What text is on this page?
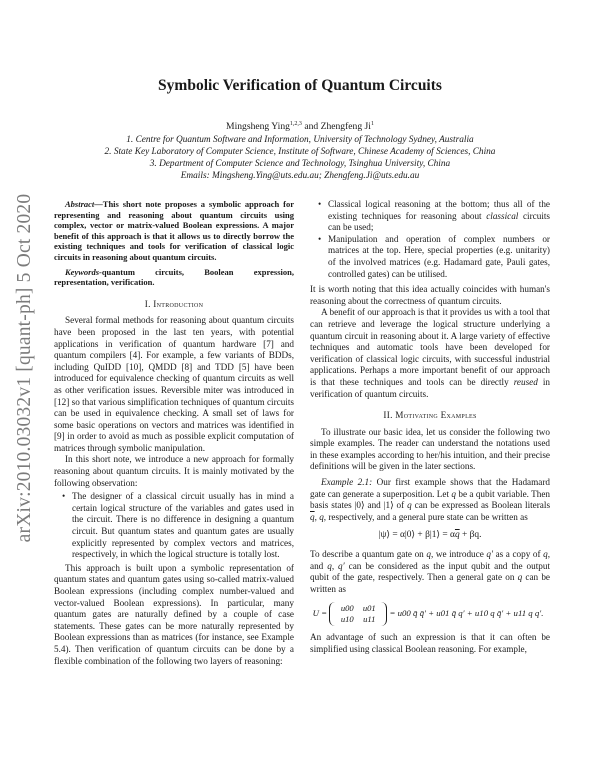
arXiv:2010.03032v1 [quant-ph] 5 Oct 2020
Symbolic Verification of Quantum Circuits
Mingsheng Ying$^{1,2,3}$ and Zhengfeng Ji$^1$
1. Centre for Quantum Software and Information, University of Technology Sydney, Australia
2. State Key Laboratory of Computer Science, Institute of Software, Chinese Academy of Sciences, China
3. Department of Computer Science and Technology, Tsinghua University, China
Emails: Mingsheng.Ying@uts.edu.au; Zhengfeng.Ji@uts.edu.au

Abstract—This short note proposes a symbolic approach for representing and reasoning about quantum circuits using complex, vector or matrix-valued Boolean expressions. A major benefit of this approach is that it allows us to directly borrow the existing techniques and tools for verification of classical logic circuits in reasoning about quantum circuits.

Keywords-quantum circuits, Boolean expression, representation, verification.

I. Introduction

Several formal methods for reasoning about quantum circuits have been proposed in the last ten years, with potential applications in verification of quantum hardware [7] and quantum compilers [4]. For example, a few variants of BDDs, including QuIDD [10], QMDD [8] and TDD [5] have been introduced for equivalence checking of quantum circuits as well as other verification issues. Reversible miter was introduced in [12] so that various simplification techniques of quantum circuits can be used in equivalence checking. A small set of laws for some basic operations on vectors and matrices was identified in [9] in order to avoid as much as possible explicit computation of matrices through symbolic manipulation.

In this short note, we introduce a new approach for formally reasoning about quantum circuits. It is mainly motivated by the following observation:

• The designer of a classical circuit usually has in mind a certain logical structure of the variables and gates used in the circuit. There is no difference in designing a quantum circuit. But quantum states and quantum gates are usually explicitly represented by complex vectors and matrices, respectively, in which the logical structure is totally lost.

This approach is built upon a symbolic representation of quantum states and quantum gates using so-called matrix-valued Boolean expressions (including complex number-valued and vector-valued Boolean expressions). In particular, many quantum gates are naturally defined by a couple of case statements. These gates can be more naturally represented by Boolean expressions than as matrices (for instance, see Example 5.4). Then verification of quantum circuits can be done by a flexible combination of the following two layers of reasoning:

• Classical logical reasoning at the bottom; thus all of the existing techniques for reasoning about classical circuits can be used;
• Manipulation and operation of complex numbers or matrices at the top. Here, special properties (e.g. unitarity) of the involved matrices (e.g. Hadamard gate, Pauli gates, controlled gates) can be utilised.

It is worth noting that this idea actually coincides with human's reasoning about the correctness of quantum circuits.

A benefit of our approach is that it provides us with a tool that can retrieve and leverage the logical structure underlying a quantum circuit in reasoning about it. A large variety of effective techniques and automatic tools have been developed for verification of classical logic circuits, with successful industrial applications. Perhaps a more important benefit of our approach is that these techniques and tools can be directly reused in verification of quantum circuits.

II. Motivating Examples

To illustrate our basic idea, let us consider the following two simple examples. The reader can understand the notations used in these examples according to her/his intuition, and their precise definitions will be given in the later sections.

Example 2.1: Our first example shows that the Hadamard gate can generate a superposition. Let q be a qubit variable. Then basis states |0⟩ and |1⟩ of q can be expressed as Boolean literals $\overline{q}$, q, respectively, and a general pure state can be written as

|ψ⟩ = α|0⟩ + β|1⟩ = $\alpha\overline{q} + \beta q$.

To describe a quantum gate on q, we introduce q′ as a copy of q, and q, q′ can be considered as the input qubit and the output qubit of the gate, respectively. Then a general gate on q can be written as

U = u00 u01
u10 u11 = u00 q̄ q̄′ + u01 q̄ q′ + u10 q q̄′ + u11 q q′.

An advantage of such an expression is that it can often be simplified using classical Boolean reasoning. For example,
